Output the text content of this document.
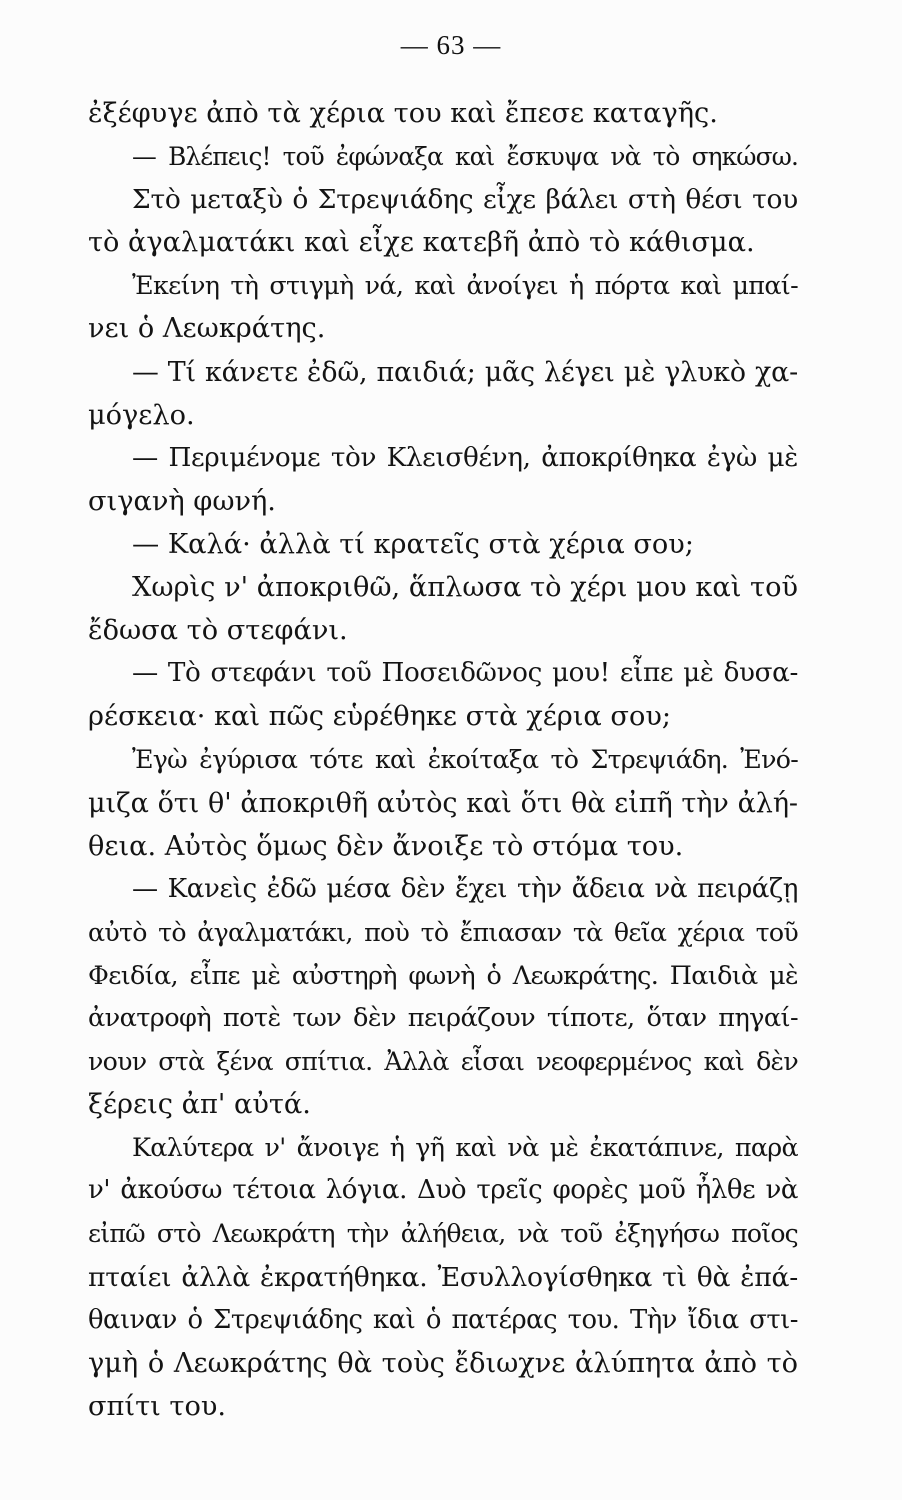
— 63 —
ἐξέφυγε ἀπὸ τὰ χέρια του καὶ ἔπεσε καταγῆς.
— Βλέπεις! τοῦ ἐφώναξα καὶ ἔσκυψα νὰ τὸ σηκώσω.
Στὸ μεταξὺ ὁ Στρεψιάδης εἶχε βάλει στὴ θέσι του
τὸ ἀγαλματάκι καὶ εἶχε κατεβῆ ἀπὸ τὸ κάθισμα.
Ἐκείνη τὴ στιγμὴ νά, καὶ ἀνοίγει ἡ πόρτα καὶ μπαί-
νει ὁ Λεωκράτης.
— Τί κάνετε ἐδῶ, παιδιά; μᾶς λέγει μὲ γλυκὸ χα-
μόγελο.
— Περιμένομε τὸν Κλεισθένη, ἀποκρίθηκα ἐγὼ μὲ
σιγανὴ φωνή.
— Καλά· ἀλλὰ τί κρατεῖς στὰ χέρια σου;
Χωρὶς ν' ἀποκριθῶ, ἅπλωσα τὸ χέρι μου καὶ τοῦ
ἔδωσα τὸ στεφάνι.
— Τὸ στεφάνι τοῦ Ποσειδῶνος μου! εἶπε μὲ δυσα-
ρέσκεια· καὶ πῶς εὑρέθηκε στὰ χέρια σου;
Ἐγὼ ἐγύρισα τότε καὶ ἐκοίταξα τὸ Στρεψιάδη. Ἐνό-
μιζα ὅτι θ' ἀποκριθῆ αὐτὸς καὶ ὅτι θὰ εἰπῆ τὴν ἀλή-
θεια. Αὐτὸς ὅμως δὲν ἄνοιξε τὸ στόμα του.
— Κανεὶς ἐδῶ μέσα δὲν ἔχει τὴν ἄδεια νὰ πειράζῃ
αὐτὸ τὸ ἀγαλματάκι, ποὺ τὸ ἔπιασαν τὰ θεῖα χέρια τοῦ
Φειδία, εἶπε μὲ αὐστηρὴ φωνὴ ὁ Λεωκράτης. Παιδιὰ μὲ
ἀνατροφὴ ποτὲ των δὲν πειράζουν τίποτε, ὅταν πηγαί-
νουν στὰ ξένα σπίτια. Ἀλλὰ εἶσαι νεοφερμένος καὶ δὲν
ξέρεις ἀπ' αὐτά.
Καλύτερα ν' ἄνοιγε ἡ γῆ καὶ νὰ μὲ ἐκατάπινε, παρὰ
ν' ἀκούσω τέτοια λόγια. Δυὸ τρεῖς φορὲς μοῦ ἦλθε νὰ
εἰπῶ στὸ Λεωκράτη τὴν ἀλήθεια, νὰ τοῦ ἐξηγήσω ποῖος
πταίει ἀλλὰ ἐκρατήθηκα. Ἐσυλλογίσθηκα τὶ θὰ ἐπά-
θαιναν ὁ Στρεψιάδης καὶ ὁ πατέρας του. Τὴν ἴδια στι-
γμὴ ὁ Λεωκράτης θὰ τοὺς ἔδιωχνε ἀλύπητα ἀπὸ τὸ
σπίτι του.
